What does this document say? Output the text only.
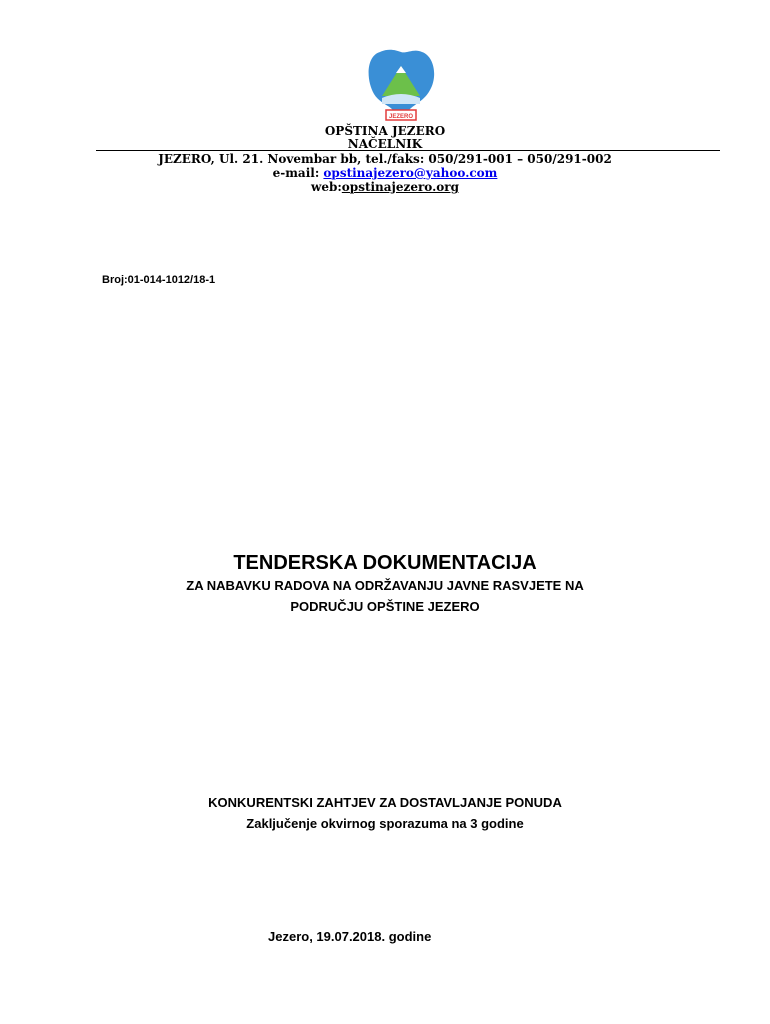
JEZERO
OPŠTINA JEZERO
NAČELNIK
JEZERO, Ul. 21. Novembar bb, tel./faks: 050/291-001 – 050/291-002
e-mail: opstinajezero@yahoo.com
web:opstinajezero.org
Broj:01-014-1012/18-1
TENDERSKA DOKUMENTACIJA
ZA NABAVKU RADOVA NA ODRŽAVANJU JAVNE RASVJETE NA
PODRUČJU OPŠTINE JEZERO
KONKURENTSKI ZAHTJEV ZA DOSTAVLJANJE PONUDA
Zaključenje okvirnog sporazuma na 3 godine
Jezero, 19.07.2018. godine
